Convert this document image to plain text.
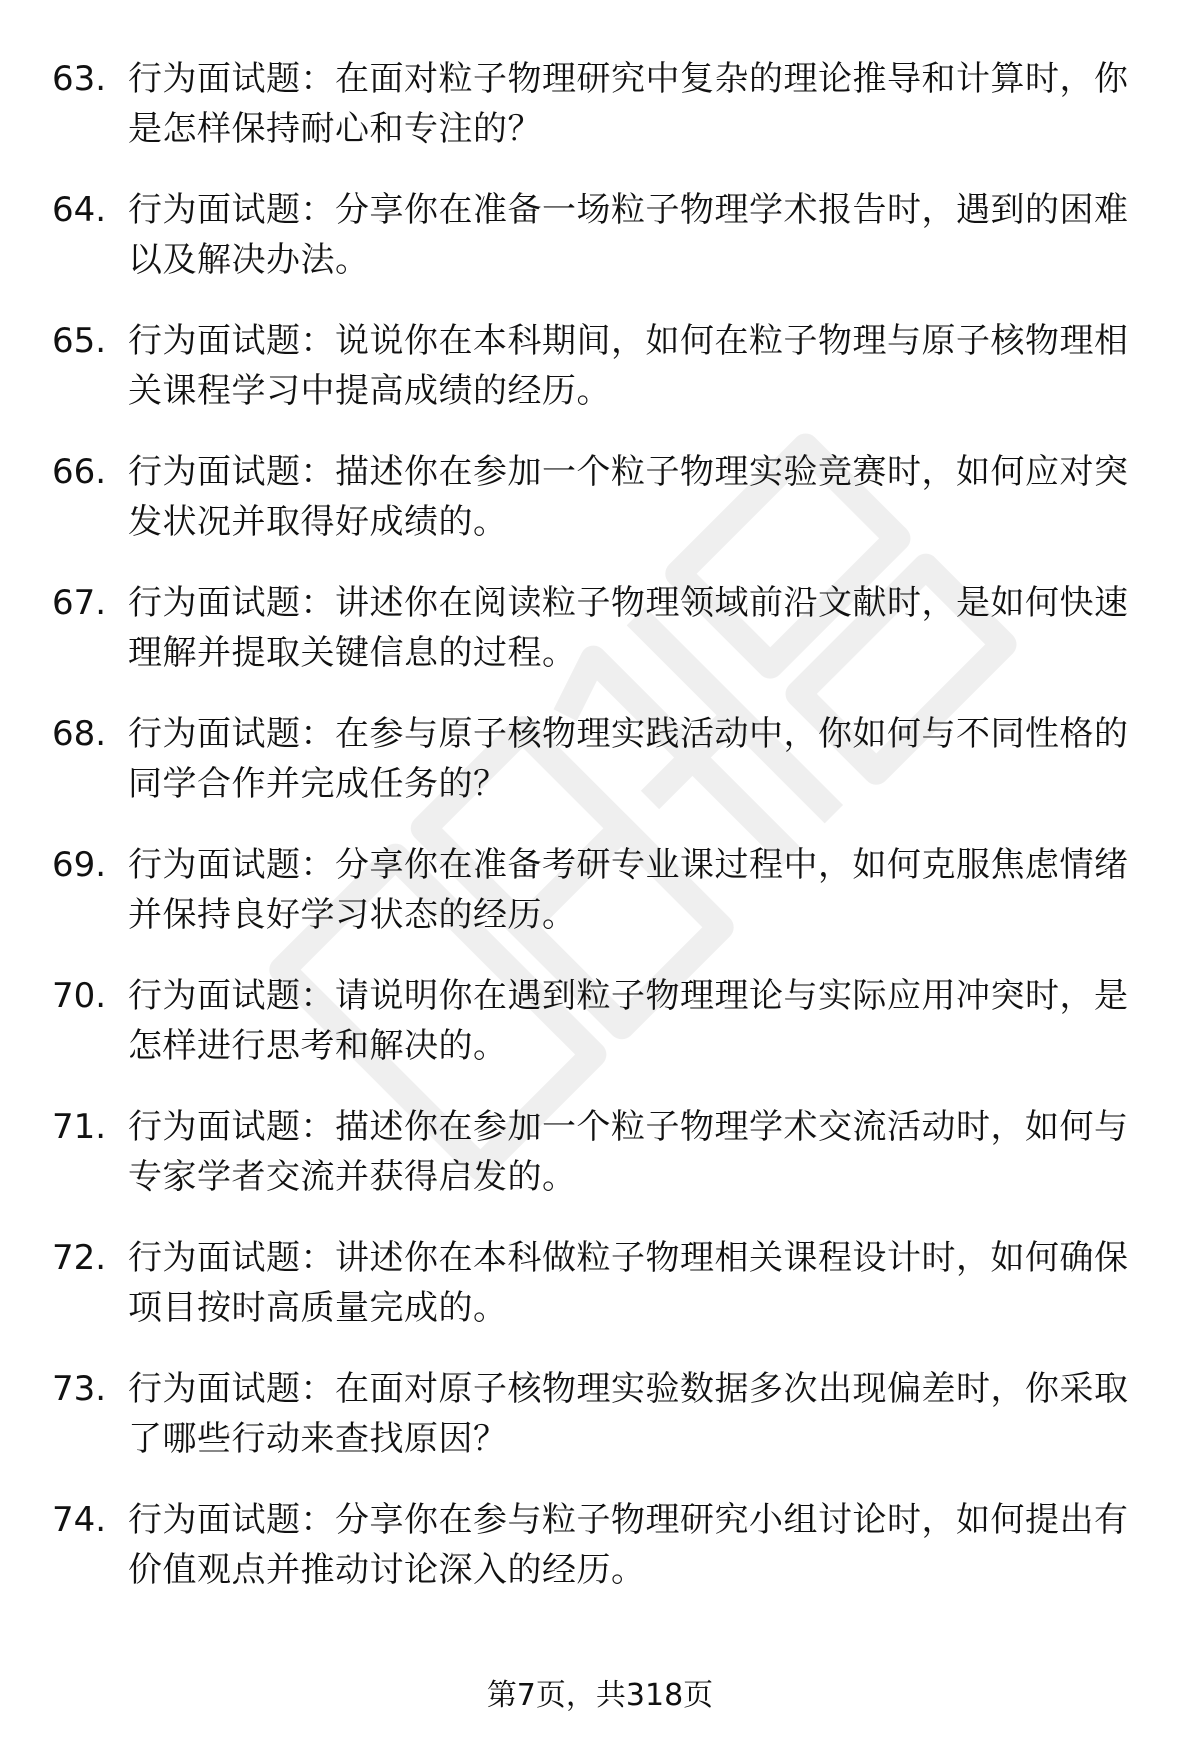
63. 行为面试题：在面对粒子物理研究中复杂的理论推导和计算时，你是怎样保持耐心和专注的？
64. 行为面试题：分享你在准备一场粒子物理学术报告时，遇到的困难以及解决办法。
65. 行为面试题：说说你在本科期间，如何在粒子物理与原子核物理相关课程学习中提高成绩的经历。
66. 行为面试题：描述你在参加一个粒子物理实验竞赛时，如何应对突发状况并取得好成绩的。
67. 行为面试题：讲述你在阅读粒子物理领域前沿文献时，是如何快速理解并提取关键信息的过程。
68. 行为面试题：在参与原子核物理实践活动中，你如何与不同性格的同学合作并完成任务的？
69. 行为面试题：分享你在准备考研专业课过程中，如何克服焦虑情绪并保持良好学习状态的经历。
70. 行为面试题：请说明你在遇到粒子物理理论与实际应用冲突时，是怎样进行思考和解决的。
71. 行为面试题：描述你在参加一个粒子物理学术交流活动时，如何与专家学者交流并获得启发的。
72. 行为面试题：讲述你在本科做粒子物理相关课程设计时，如何确保项目按时高质量完成的。
73. 行为面试题：在面对原子核物理实验数据多次出现偏差时，你采取了哪些行动来查找原因？
74. 行为面试题：分享你在参与粒子物理研究小组讨论时，如何提出有价值观点并推动讨论深入的经历。
第7页，共318页
